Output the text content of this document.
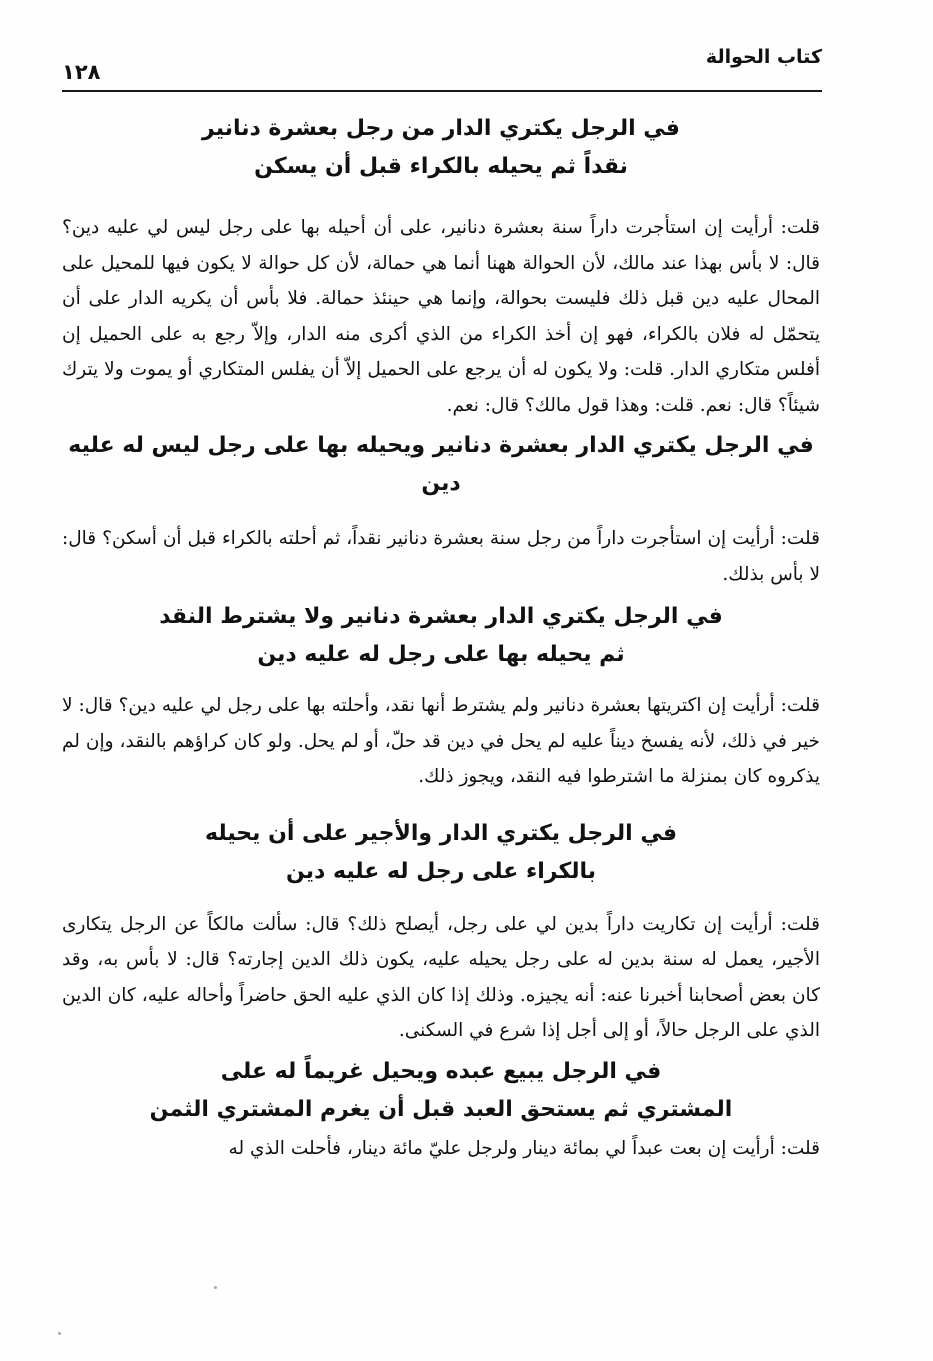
كتاب الحوالة
١٢٨
في الرجل يكتري الدار من رجل بعشرة دنانير
نقداً ثم يحيله بالكراء قبل أن يسكن

قلت: أرأيت إن استأجرت داراً سنة بعشرة دنانير، على أن أحيله بها على رجل ليس لي عليه دين؟ قال: لا بأس بهذا عند مالك، لأن الحوالة ههنا أنما هي حمالة، لأن كل حوالة لا يكون فيها للمحيل على المحال عليه دين قبل ذلك فليست بحوالة، وإنما هي حينئذ حمالة. فلا بأس أن يكريه الدار على أن يتحمّل له فلان بالكراء، فهو إن أخذ الكراء من الذي أكرى منه الدار، وإلاّ رجع به على الحميل إن أفلس متكاري الدار. قلت: ولا يكون له أن يرجع على الحميل إلاّ أن يفلس المتكاري أو يموت ولا يترك شيئاً؟ قال: نعم. قلت: وهذا قول مالك؟ قال: نعم.

في الرجل يكتري الدار بعشرة دنانير ويحيله بها على رجل ليس له عليه دين

قلت: أرأيت إن استأجرت داراً من رجل سنة بعشرة دنانير نقداً، ثم أحلته بالكراء قبل أن أسكن؟ قال: لا بأس بذلك.

في الرجل يكتري الدار بعشرة دنانير ولا يشترط النقد
ثم يحيله بها على رجل له عليه دين

قلت: أرأيت إن اكتريتها بعشرة دنانير ولم يشترط أنها نقد، وأحلته بها على رجل لي عليه دين؟ قال: لا خير في ذلك، لأنه يفسخ ديناً عليه لم يحل في دين قد حلّ، أو لم يحل. ولو كان كراؤهم بالنقد، وإن لم يذكروه كان بمنزلة ما اشترطوا فيه النقد، ويجوز ذلك.

في الرجل يكتري الدار والأجير على أن يحيله
بالكراء على رجل له عليه دين

قلت: أرأيت إن تكاريت داراً بدين لي على رجل، أيصلح ذلك؟ قال: سألت مالكاً عن الرجل يتكارى الأجير، يعمل له سنة بدين له على رجل يحيله عليه، يكون ذلك الدين إجارته؟ قال: لا بأس به، وقد كان بعض أصحابنا أخبرنا عنه: أنه يجيزه. وذلك إذا كان الذي عليه الحق حاضراً وأحاله عليه، كان الدين الذي على الرجل حالاً، أو إلى أجل إذا شرع في السكنى.

في الرجل يبيع عبده ويحيل غريماً له على
المشتري ثم يستحق العبد قبل أن يغرم المشتري الثمن

قلت: أرأيت إن بعت عبداً لي بمائة دينار ولرجل عليّ مائة دينار، فأحلت الذي له
